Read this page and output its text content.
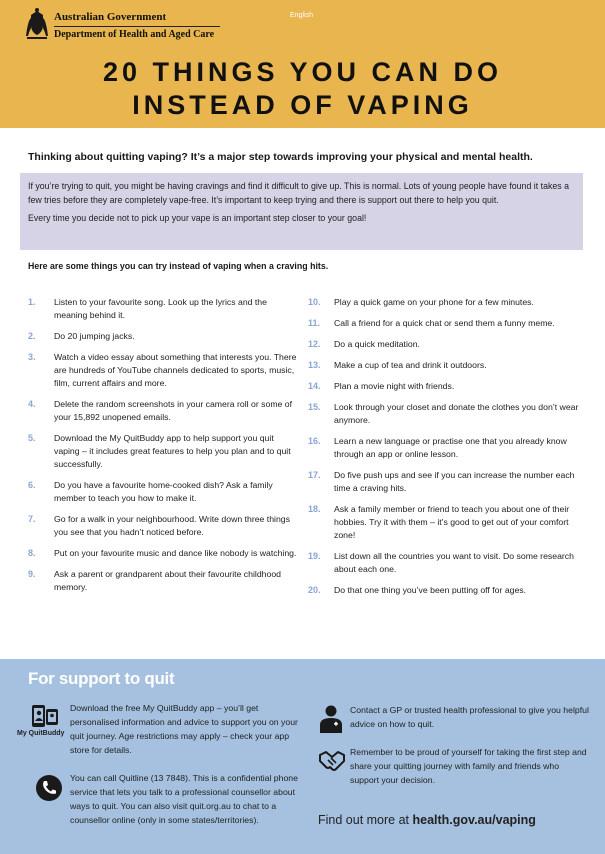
Australian Government
Department of Health and Aged Care
English
20 THINGS YOU CAN DO
INSTEAD OF VAPING
Thinking about quitting vaping? It’s a major step towards improving your physical and mental health.

If you’re trying to quit, you might be having cravings and find it difficult to give up. This is normal. Lots of young people have found it takes a few tries before they are completely vape-free. It’s important to keep trying and there is support out there to help you quit.

Every time you decide not to pick up your vape is an important step closer to your goal!

Here are some things you can try instead of vaping when a craving hits.
1.	Listen to your favourite song. Look up the lyrics and the meaning behind it.
2.	Do 20 jumping jacks.
3.	Watch a video essay about something that interests you. There are hundreds of YouTube channels dedicated to sports, music, film, current affairs and more.
4.	Delete the random screenshots in your camera roll or some of your 15,892 unopened emails.
5.	Download the My QuitBuddy app to help support you quit vaping – it includes great features to help you plan and to quit successfully.
6.	Do you have a favourite home-cooked dish? Ask a family member to teach you how to make it.
7.	Go for a walk in your neighbourhood. Write down three things you see that you hadn’t noticed before.
8.	Put on your favourite music and dance like nobody is watching.
9.	Ask a parent or grandparent about their favourite childhood memory.
10.	Play a quick game on your phone for a few minutes.
11.	Call a friend for a quick chat or send them a funny meme.
12.	Do a quick meditation.
13.	Make a cup of tea and drink it outdoors.
14.	Plan a movie night with friends.
15.	Look through your closet and donate the clothes you don’t wear anymore.
16.	Learn a new language or practise one that you already know through an app or online lesson.
17.	Do five push ups and see if you can increase the number each time a craving hits.
18.	Ask a family member or friend to teach you about one of their hobbies. Try it with them – it’s good to get out of your comfort zone!
19.	List down all the countries you want to visit. Do some research about each one.
20.	Do that one thing you’ve been putting off for ages.
For support to quit
My QuitBuddy
Download the free My QuitBuddy app – you’ll get personalised information and advice to support you on your quit journey. Age restrictions may apply – check your app store for details.
You can call Quitline (13 7848). This is a confidential phone service that lets you talk to a professional counsellor about ways to quit. You can also visit quit.org.au to chat to a counsellor online (only in some states/territories).
Contact a GP or trusted health professional to give you helpful advice on how to quit.
Remember to be proud of yourself for taking the first step and share your quitting journey with family and friends who support your decision.
Find out more at health.gov.au/vaping
